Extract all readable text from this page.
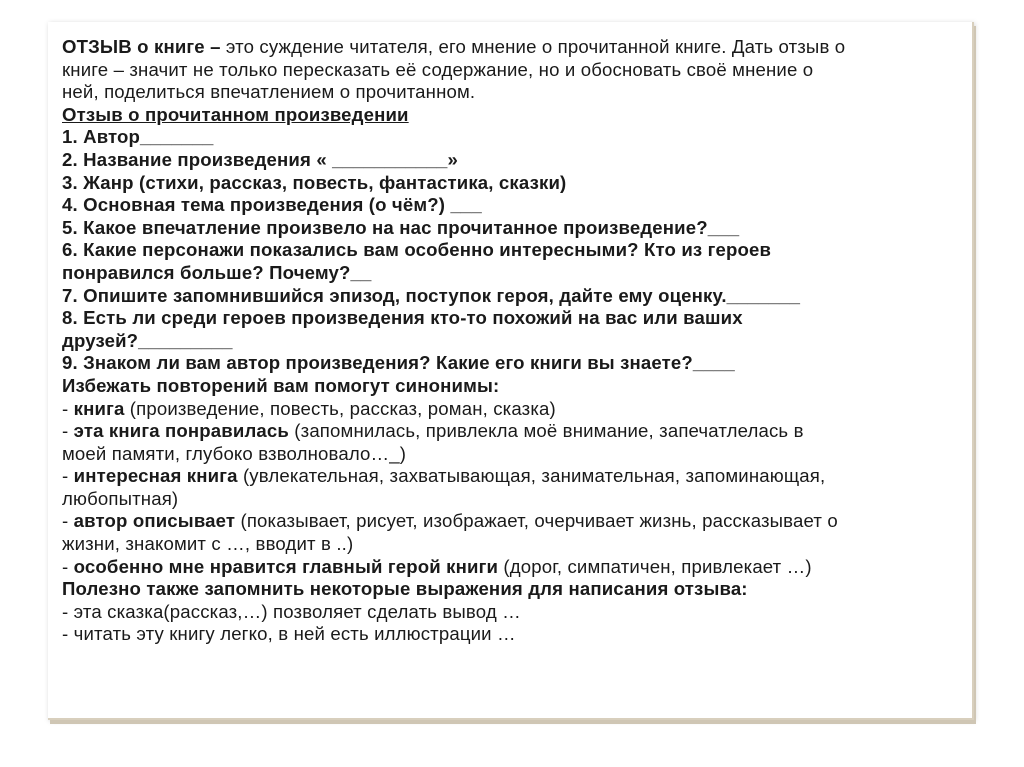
ОТЗЫВ о книге – это суждение читателя, его мнение о прочитанной книге. Дать отзыв о
книге – значит не только пересказать её содержание, но и обосновать своё мнение о
ней, поделиться впечатлением о прочитанном.
Отзыв о прочитанном произведении
1. Автор_______
2. Название произведения « ___________»
3. Жанр (стихи, рассказ, повесть, фантастика, сказки)
4. Основная тема произведения (о чём?) ___
5. Какое впечатление произвело на нас прочитанное произведение?___
6. Какие персонажи показались вам особенно интересными? Кто из героев
понравился больше? Почему?__
7. Опишите запомнившийся эпизод, поступок героя, дайте ему оценку._______
8. Есть ли среди героев произведения кто-то похожий на вас или ваших
друзей?_________
9. Знаком ли вам автор произведения? Какие его книги вы знаете?____
Избежать повторений вам помогут синонимы:
- книга (произведение, повесть, рассказ, роман, сказка)
- эта книга понравилась (запомнилась, привлекла моё внимание, запечатлелась в
моей памяти, глубоко взволновало…_)
- интересная книга (увлекательная, захватывающая, занимательная, запоминающая,
любопытная)
- автор описывает (показывает, рисует, изображает, очерчивает жизнь, рассказывает о
жизни, знакомит с …, вводит в ..)
- особенно мне нравится главный герой книги (дорог, симпатичен, привлекает …)
Полезно также запомнить некоторые выражения для написания отзыва:
- эта сказка(рассказ,…) позволяет сделать вывод …
- читать эту книгу легко, в ней есть иллюстрации …
